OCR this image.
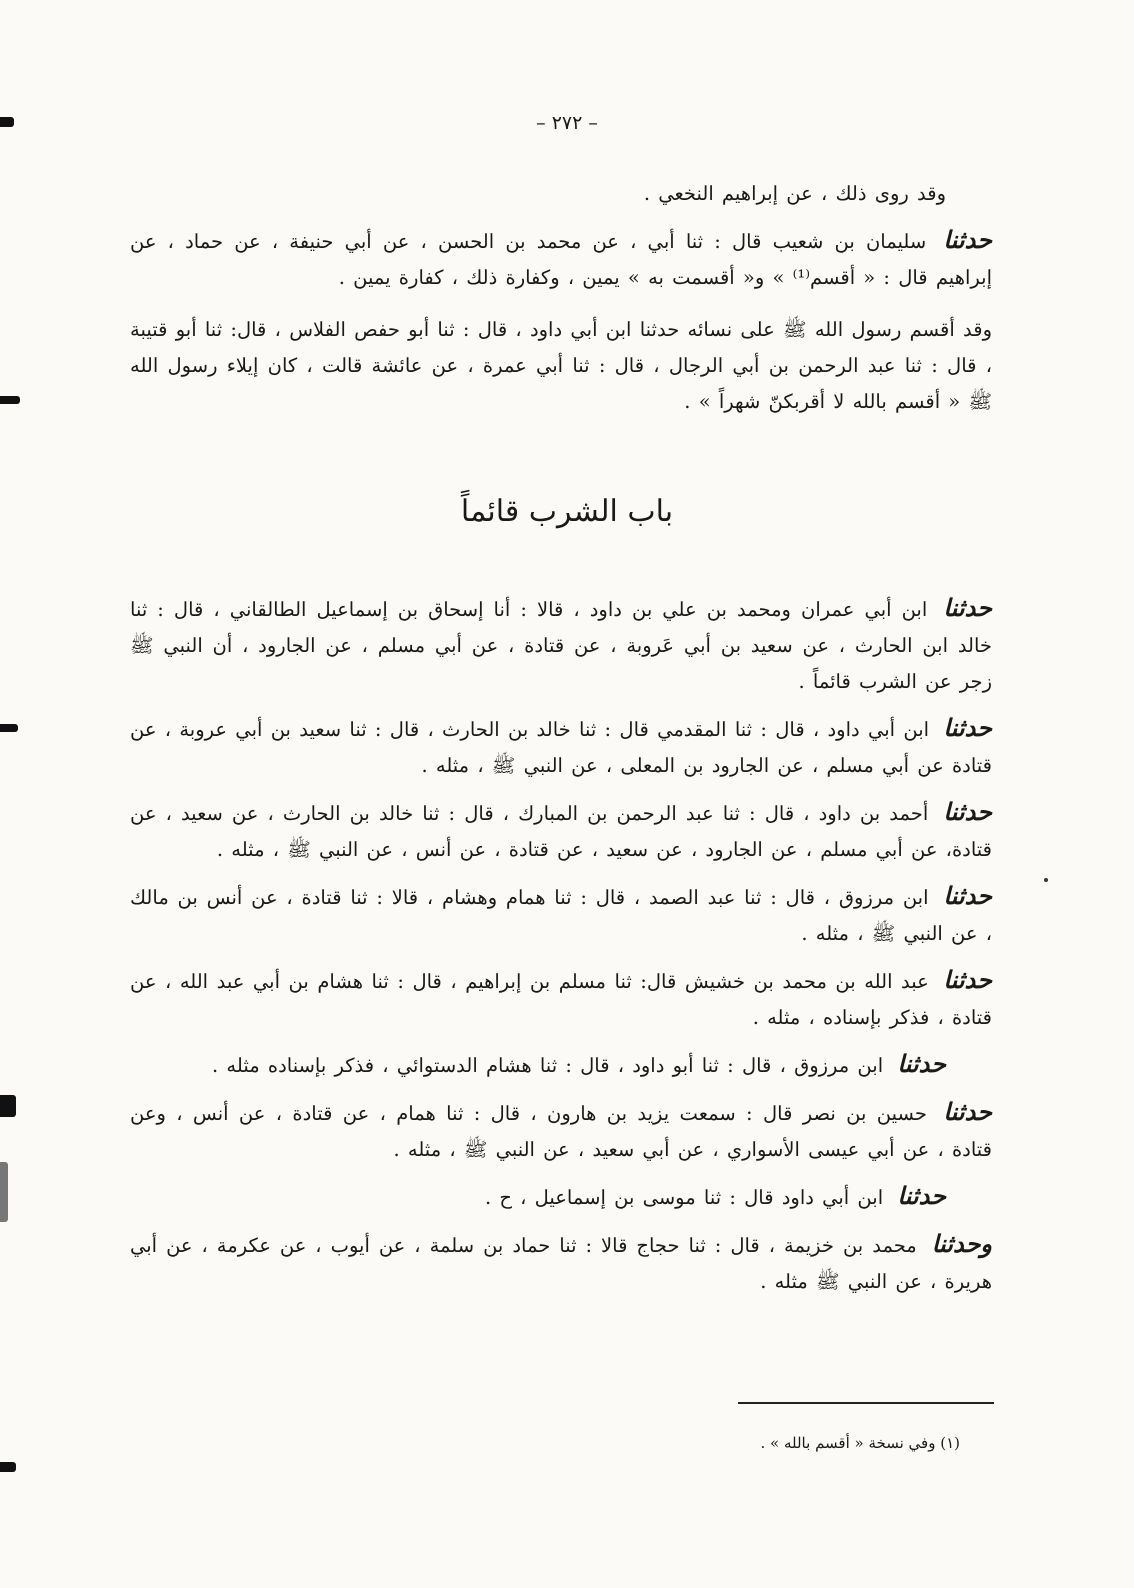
– ٢٧٢ –

وقد روى ذلك ، عن إبراهيم النخعي .

حدثنا سليمان بن شعيب قال : ثنا أبي ، عن محمد بن الحسن ، عن أبي حنيفة ، عن حماد ، عن إبراهيم قال : « أقسم⁽¹⁾ » و« أقسمت به » يمين ، وكفارة ذلك ، كفارة يمين .

وقد أقسم رسول الله ﷺ على نسائه حدثنا ابن أبي داود ، قال : ثنا أبو حفص الفلاس ، قال: ثنا أبو قتيبة ، قال : ثنا عبد الرحمن بن أبي الرجال ، قال : ثنا أبي عمرة ، عن عائشة قالت ، كان إيلاء رسول الله ﷺ « أقسم بالله لا أقربكنّ شهراً » .

باب الشرب قائماً

حدثنا ابن أبي عمران ومحمد بن علي بن داود ، قالا : أنا إسحاق بن إسماعيل الطالقاني ، قال : ثنا خالد ابن الحارث ، عن سعيد بن أبي عَروبة ، عن قتادة ، عن أبي مسلم ، عن الجارود ، أن النبي ﷺ زجر عن الشرب قائماً .

حدثنا ابن أبي داود ، قال : ثنا المقدمي قال : ثنا خالد بن الحارث ، قال : ثنا سعيد بن أبي عروبة ، عن قتادة عن أبي مسلم ، عن الجارود بن المعلى ، عن النبي ﷺ ، مثله .

حدثنا أحمد بن داود ، قال : ثنا عبد الرحمن بن المبارك ، قال : ثنا خالد بن الحارث ، عن سعيد ، عن قتادة، عن أبي مسلم ، عن الجارود ، عن سعيد ، عن قتادة ، عن أنس ، عن النبي ﷺ ، مثله .

حدثنا ابن مرزوق ، قال : ثنا عبد الصمد ، قال : ثنا همام وهشام ، قالا : ثنا قتادة ، عن أنس بن مالك ، عن النبي ﷺ ، مثله .

حدثنا عبد الله بن محمد بن خشيش قال: ثنا مسلم بن إبراهيم ، قال : ثنا هشام بن أبي عبد الله ، عن قتادة ، فذكر بإسناده ، مثله .

حدثنا ابن مرزوق ، قال : ثنا أبو داود ، قال : ثنا هشام الدستوائي ، فذكر بإسناده مثله .

حدثنا حسين بن نصر قال : سمعت يزيد بن هارون ، قال : ثنا همام ، عن قتادة ، عن أنس ، وعن قتادة ، عن أبي عيسى الأسواري ، عن أبي سعيد ، عن النبي ﷺ ، مثله .

حدثنا ابن أبي داود قال : ثنا موسى بن إسماعيل ، ح .

وحدثنا محمد بن خزيمة ، قال : ثنا حجاج قالا : ثنا حماد بن سلمة ، عن أيوب ، عن عكرمة ، عن أبي هريرة ، عن النبي ﷺ مثله .

(١) وفي نسخة « أقسم بالله » .
